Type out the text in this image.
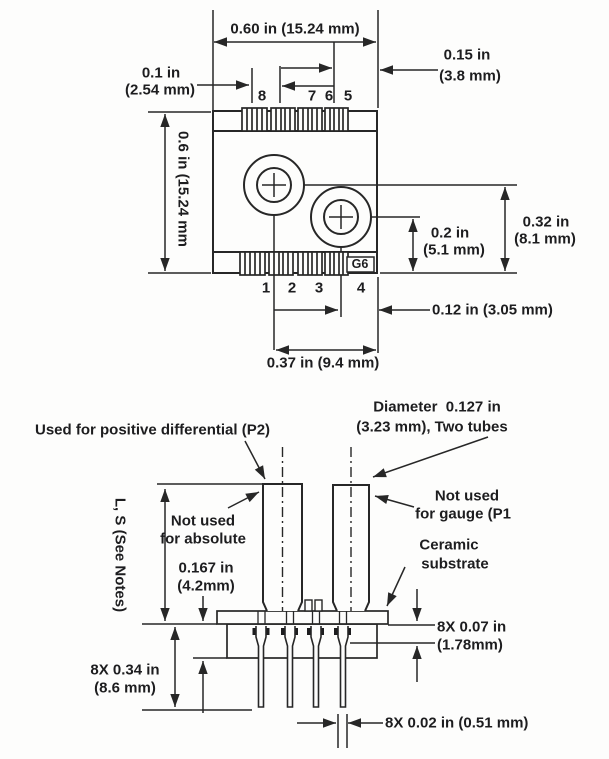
0.60 in (15.24 mm)
0.1 in
(2.54 mm)
0.15 in
(3.8 mm)
0.6 in (15.24 mm
8	7 6 5
1 2 3 4
G6
0.2 in
(5.1 mm)
0.32 in
(8.1 mm)
0.12 in (3.05 mm)
0.37 in (9.4 mm)
Used for positive differential (P2)
Diameter  0.127 in
(3.23 mm), Two tubes
Not used
for absolute
Not used
for gauge (P1
Ceramic
substrate
0.167 in
(4.2mm)
L, S (See Notes)
8X 0.34 in
(8.6 mm)
8X 0.07 in
(1.78mm)
8X 0.02 in (0.51 mm)
